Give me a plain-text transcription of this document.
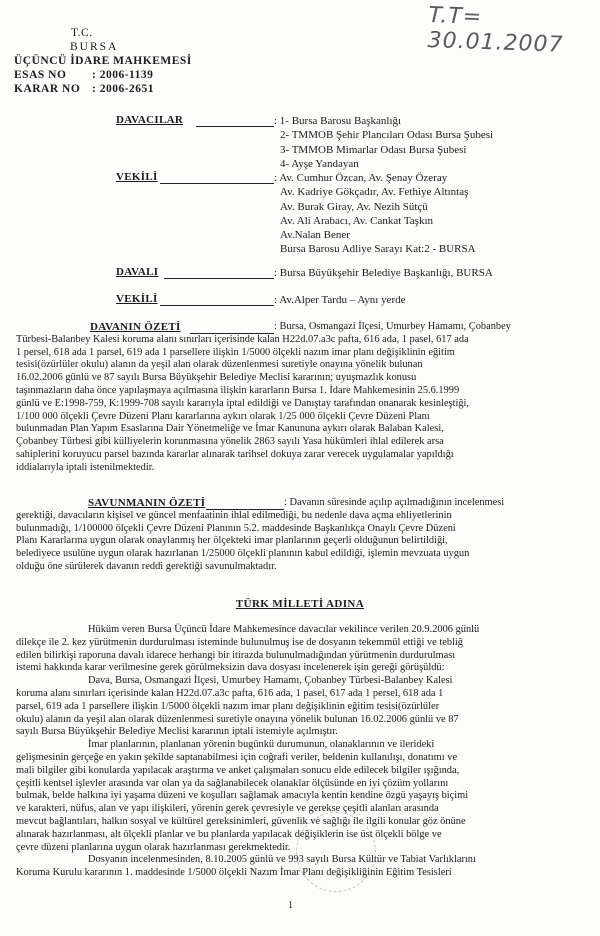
T.T= 30.01.2007
T.C.
BURSA
ÜÇÜNCÜ İDARE MAHKEMESİ
ESAS NO : 2006-1139
KARAR NO : 2006-2651
DAVACILAR	: 1- Bursa Barosu Başkanlığı
2- TMMOB Şehir Plancıları Odası Bursa Şubesi
3- TMMOB Mimarlar Odası Bursa Şubesi
4- Ayşe Yandayan
VEKİLİ	: Av. Cumhur Özcan, Av. Şenay Özeray
Av. Kadriye Gökçadır, Av. Fethiye Altıntaş
Av. Burak Giray, Av. Nezih Sütçü
Av. Ali Arabacı, Av. Cankat Taşkın
Av.Nalan Bener
Bursa Barosu Adliye Sarayı Kat:2 - BURSA
DAVALI	: Bursa Büyükşehir Belediye Başkanlığı, BURSA
VEKİLİ	: Av.Alper Tardu – Aynı yerde
DAVANIN ÖZETİ	: Bursa, Osmangazi İlçesi, Umurbey Hamamı, Çobanbey
Türbesi-Balanbey Kalesi koruma alanı sınırları içerisinde kalan H22d.07.a3c pafta, 616 ada, 1 pasel, 617 ada
1 persel, 618 ada 1 parsel, 619 ada 1 parsellere ilişkin 1/5000 ölçekli nazım imar planı değişiklinin eğitim
tesisi(özürlüler okulu) alanın da yeşil alan olarak düzenlenmesi suretiyle onayına yönelik bulunan
16.02.2006 günlü ve 87 sayılı Bursa Büyükşehir Belediye Meclisi kararının; uyuşmazlık konusu
taşınmazların daha önce yapılaşmaya açılmasına ilişkin kararların Bursa 1. İdare Mahkemesinin 25.6.1999
günlü ve E:1998-759, K:1999-708 sayılı kararıyla iptal edildiği ve Danıştay tarafından onanarak kesinleştiği,
1/100 000 ölçekli Çevre Düzeni Planı kararlarına aykırı olarak 1/25 000 ölçekli Çevre Düzeni Planı
bulunmadan Plan Yapım Esaslarına Dair Yönetmeliğe ve İmar Kanununa aykırı olarak Balaban Kalesi,
Çobanbey Türbesi gibi külliyelerin korunmasına yönelik 2863 sayılı Yasa hükümleri ihlal edilerek arsa
sahiplerini koruyucu parsel bazında kararlar alınarak tarihsel dokuya zarar verecek uygulamalar yapıldığı
iddialarıyla iptali istenilmektedir.
SAVUNMANIN ÖZETİ	: Davanın süresinde açılıp açılmadığının incelenmesi
gerektiği, davacıların kişisel ve güncel menfaatinin ihlal edilmediği, bu nedenle dava açma ehliyetlerinin
bulunmadığı, 1/100000 ölçekli Çevre Düzeni Planının 5.2. maddesinde Başkanlıkça Onaylı Çevre Düzeni
Planı Kararlarına uygun olarak onaylanmış her ölçekteki imar planlarının geçerli olduğunun belirtildiği,
belediyece usulüne uygun olarak hazırlanan 1/25000 ölçekli planının kabul edildiği, işlemin mevzuata uygun
olduğu öne sürülerek davanın reddi gerektiği savunulmaktadır.
TÜRK MİLLETİ ADINA
Hüküm veren Bursa Üçüncü İdare Mahkemesince davacılar vekilince verilen 20.9.2006 günlü
dilekçe ile 2. kez yürütmenin durdurulması isteminde bulunulmuş ise de dosyanın tekemmül ettiği ve tebliğ
edilen bilirkişi raporuna davalı idarece herhangi bir itirazda bulunulmadığından yürütmenin durdurulması
istemi hakkında karar verilmesine gerek görülmeksizin dava dosyası incelenerek işin gereği görüşüldü:
Dava, Bursa, Osmangazi İlçesi, Umurbey Hamamı, Çobanbey Türbesi-Balanbey Kalesi
koruma alanı sınırları içerisinde kalan H22d.07.a3c pafta, 616 ada, 1 pasel, 617 ada 1 persel, 618 ada 1
parsel, 619 ada 1 parsellere ilişkin 1/5000 ölçekli nazım imar planı değişiklinin eğitim tesisi(özürlüler
okulu) alanın da yeşil alan olarak düzenlenmesi suretiyle onayına yönelik bulunan 16.02.2006 günlü ve 87
sayılı Bursa Büyükşehir Belediye Meclisi kararının iptali istemiyle açılmıştır.
İmar planlarının, planlanan yörenin bugünkü durumunun, olanaklarının ve ilerideki
gelişmesinin gerçeğe en yakın şekilde saptanabilmesi için coğrafi veriler, beldenin kullanılışı, donatımı ve
mali bilgiler gibi konularda yapılacak araştırma ve anket çalışmaları sonucu elde edilecek bilgiler ışığında,
çeşitli kentsel işlevler arasında var olan ya da sağlanabilecek olanaklar ölçüsünde en iyi çözüm yollarını
bulmak, belde halkına iyi yaşama düzeni ve koşulları sağlamak amacıyla kentin kendine özgü yaşayış biçimi
ve karakteri, nüfus, alan ve yapı ilişkileri, yörenin gerek çevresiyle ve gerekse çeşitli alanları arasında
mevcut bağlantıları, halkın sosyal ve kültürel gereksinimleri, güvenlik ve sağlığı ile ilgili konular göz önüne
alınarak hazırlanması, alt ölçekli planlar ve bu planlarda yapılacak değişiklerin ise üst ölçekli bölge ve
çevre düzeni planlarına uygun olarak hazırlanması gerekmektedir.
Dosyanın incelenmesinden, 8.10.2005 günlü ve 993 sayılı Bursa Kültür ve Tabiat Varlıklarını
Koruma Kurulu kararının 1. maddesinde 1/5000 ölçekli Nazım İmar Planı değişikliğinin Eğitim Tesisleri
1
